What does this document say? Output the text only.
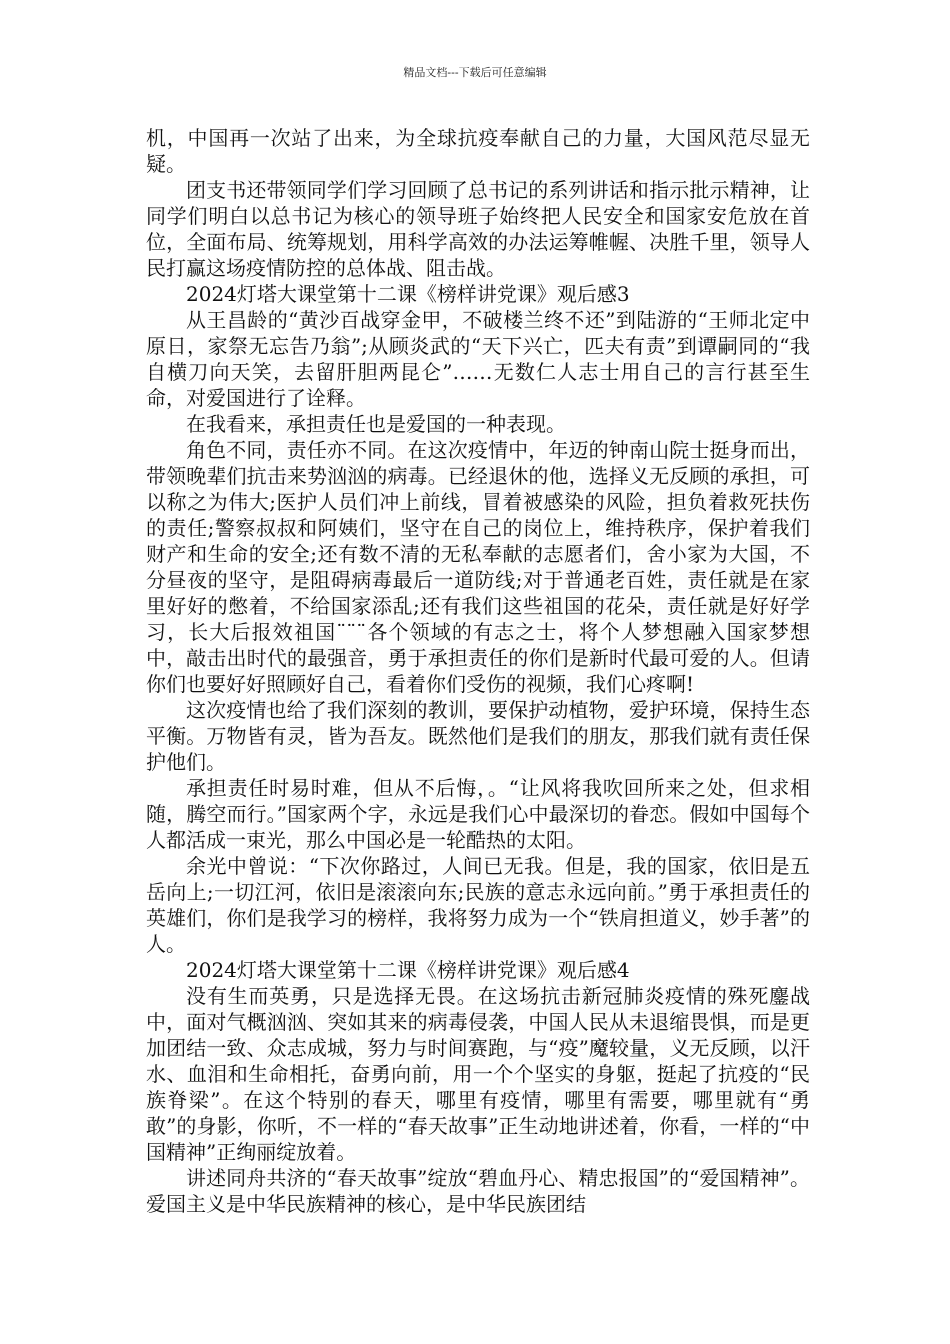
精品文档---下载后可任意编辑

机，中国再一次站了出来，为全球抗疫奉献自己的力量，大国风范尽显无疑。

团支书还带领同学们学习回顾了总书记的系列讲话和指示批示精神，让同学们明白以总书记为核心的领导班子始终把人民安全和国家安危放在首位，全面布局、统筹规划，用科学高效的办法运筹帷幄、决胜千里，领导人民打赢这场疫情防控的总体战、阻击战。

2024灯塔大课堂第十二课《榜样讲党课》观后感3

从王昌龄的“黄沙百战穿金甲，不破楼兰终不还”到陆游的“王师北定中原日，家祭无忘告乃翁”;从顾炎武的“天下兴亡，匹夫有责”到谭嗣同的“我自横刀向天笑，去留肝胆两昆仑”……无数仁人志士用自己的言行甚至生命，对爱国进行了诠释。

在我看来，承担责任也是爱国的一种表现。

角色不同，责任亦不同。在这次疫情中，年迈的钟南山院士挺身而出，带领晚辈们抗击来势汹汹的病毒。已经退休的他，选择义无反顾的承担，可以称之为伟大;医护人员们冲上前线，冒着被感染的风险，担负着救死扶伤的责任;警察叔叔和阿姨们，坚守在自己的岗位上，维持秩序，保护着我们财产和生命的安全;还有数不清的无私奉献的志愿者们，舍小家为大国，不分昼夜的坚守，是阻碍病毒最后一道防线;对于普通老百姓，责任就是在家里好好的憋着，不给国家添乱;还有我们这些祖国的花朵，责任就是好好学习，长大后报效祖国¨¨¨各个领域的有志之士，将个人梦想融入国家梦想中，敲击出时代的最强音，勇于承担责任的你们是新时代最可爱的人。但请你们也要好好照顾好自己，看着你们受伤的视频，我们心疼啊!

这次疫情也给了我们深刻的教训，要保护动植物，爱护环境，保持生态平衡。万物皆有灵，皆为吾友。既然他们是我们的朋友，那我们就有责任保护他们。

承担责任时易时难，但从不后悔，。“让风将我吹回所来之处，但求相随，腾空而行。”国家两个字，永远是我们心中最深切的眷恋。假如中国每个人都活成一束光，那么中国必是一轮酷热的太阳。

余光中曾说：“下次你路过，人间已无我。但是，我的国家，依旧是五岳向上;一切江河，依旧是滚滚向东;民族的意志永远向前。”勇于承担责任的英雄们，你们是我学习的榜样，我将努力成为一个“铁肩担道义，妙手著”的人。

2024灯塔大课堂第十二课《榜样讲党课》观后感4

没有生而英勇，只是选择无畏。在这场抗击新冠肺炎疫情的殊死鏖战中，面对气概汹汹、突如其来的病毒侵袭，中国人民从未退缩畏惧，而是更加团结一致、众志成城，努力与时间赛跑，与“疫”魔较量，义无反顾，以汗水、血泪和生命相托，奋勇向前，用一个个坚实的身躯，挺起了抗疫的“民族脊梁”。在这个特别的春天，哪里有疫情，哪里有需要，哪里就有“勇敢”的身影，你听，不一样的“春天故事”正生动地讲述着，你看，一样的“中国精神”正绚丽绽放着。

讲述同舟共济的“春天故事”绽放“碧血丹心、精忠报国”的“爱国精神”。爱国主义是中华民族精神的核心，是中华民族团结
